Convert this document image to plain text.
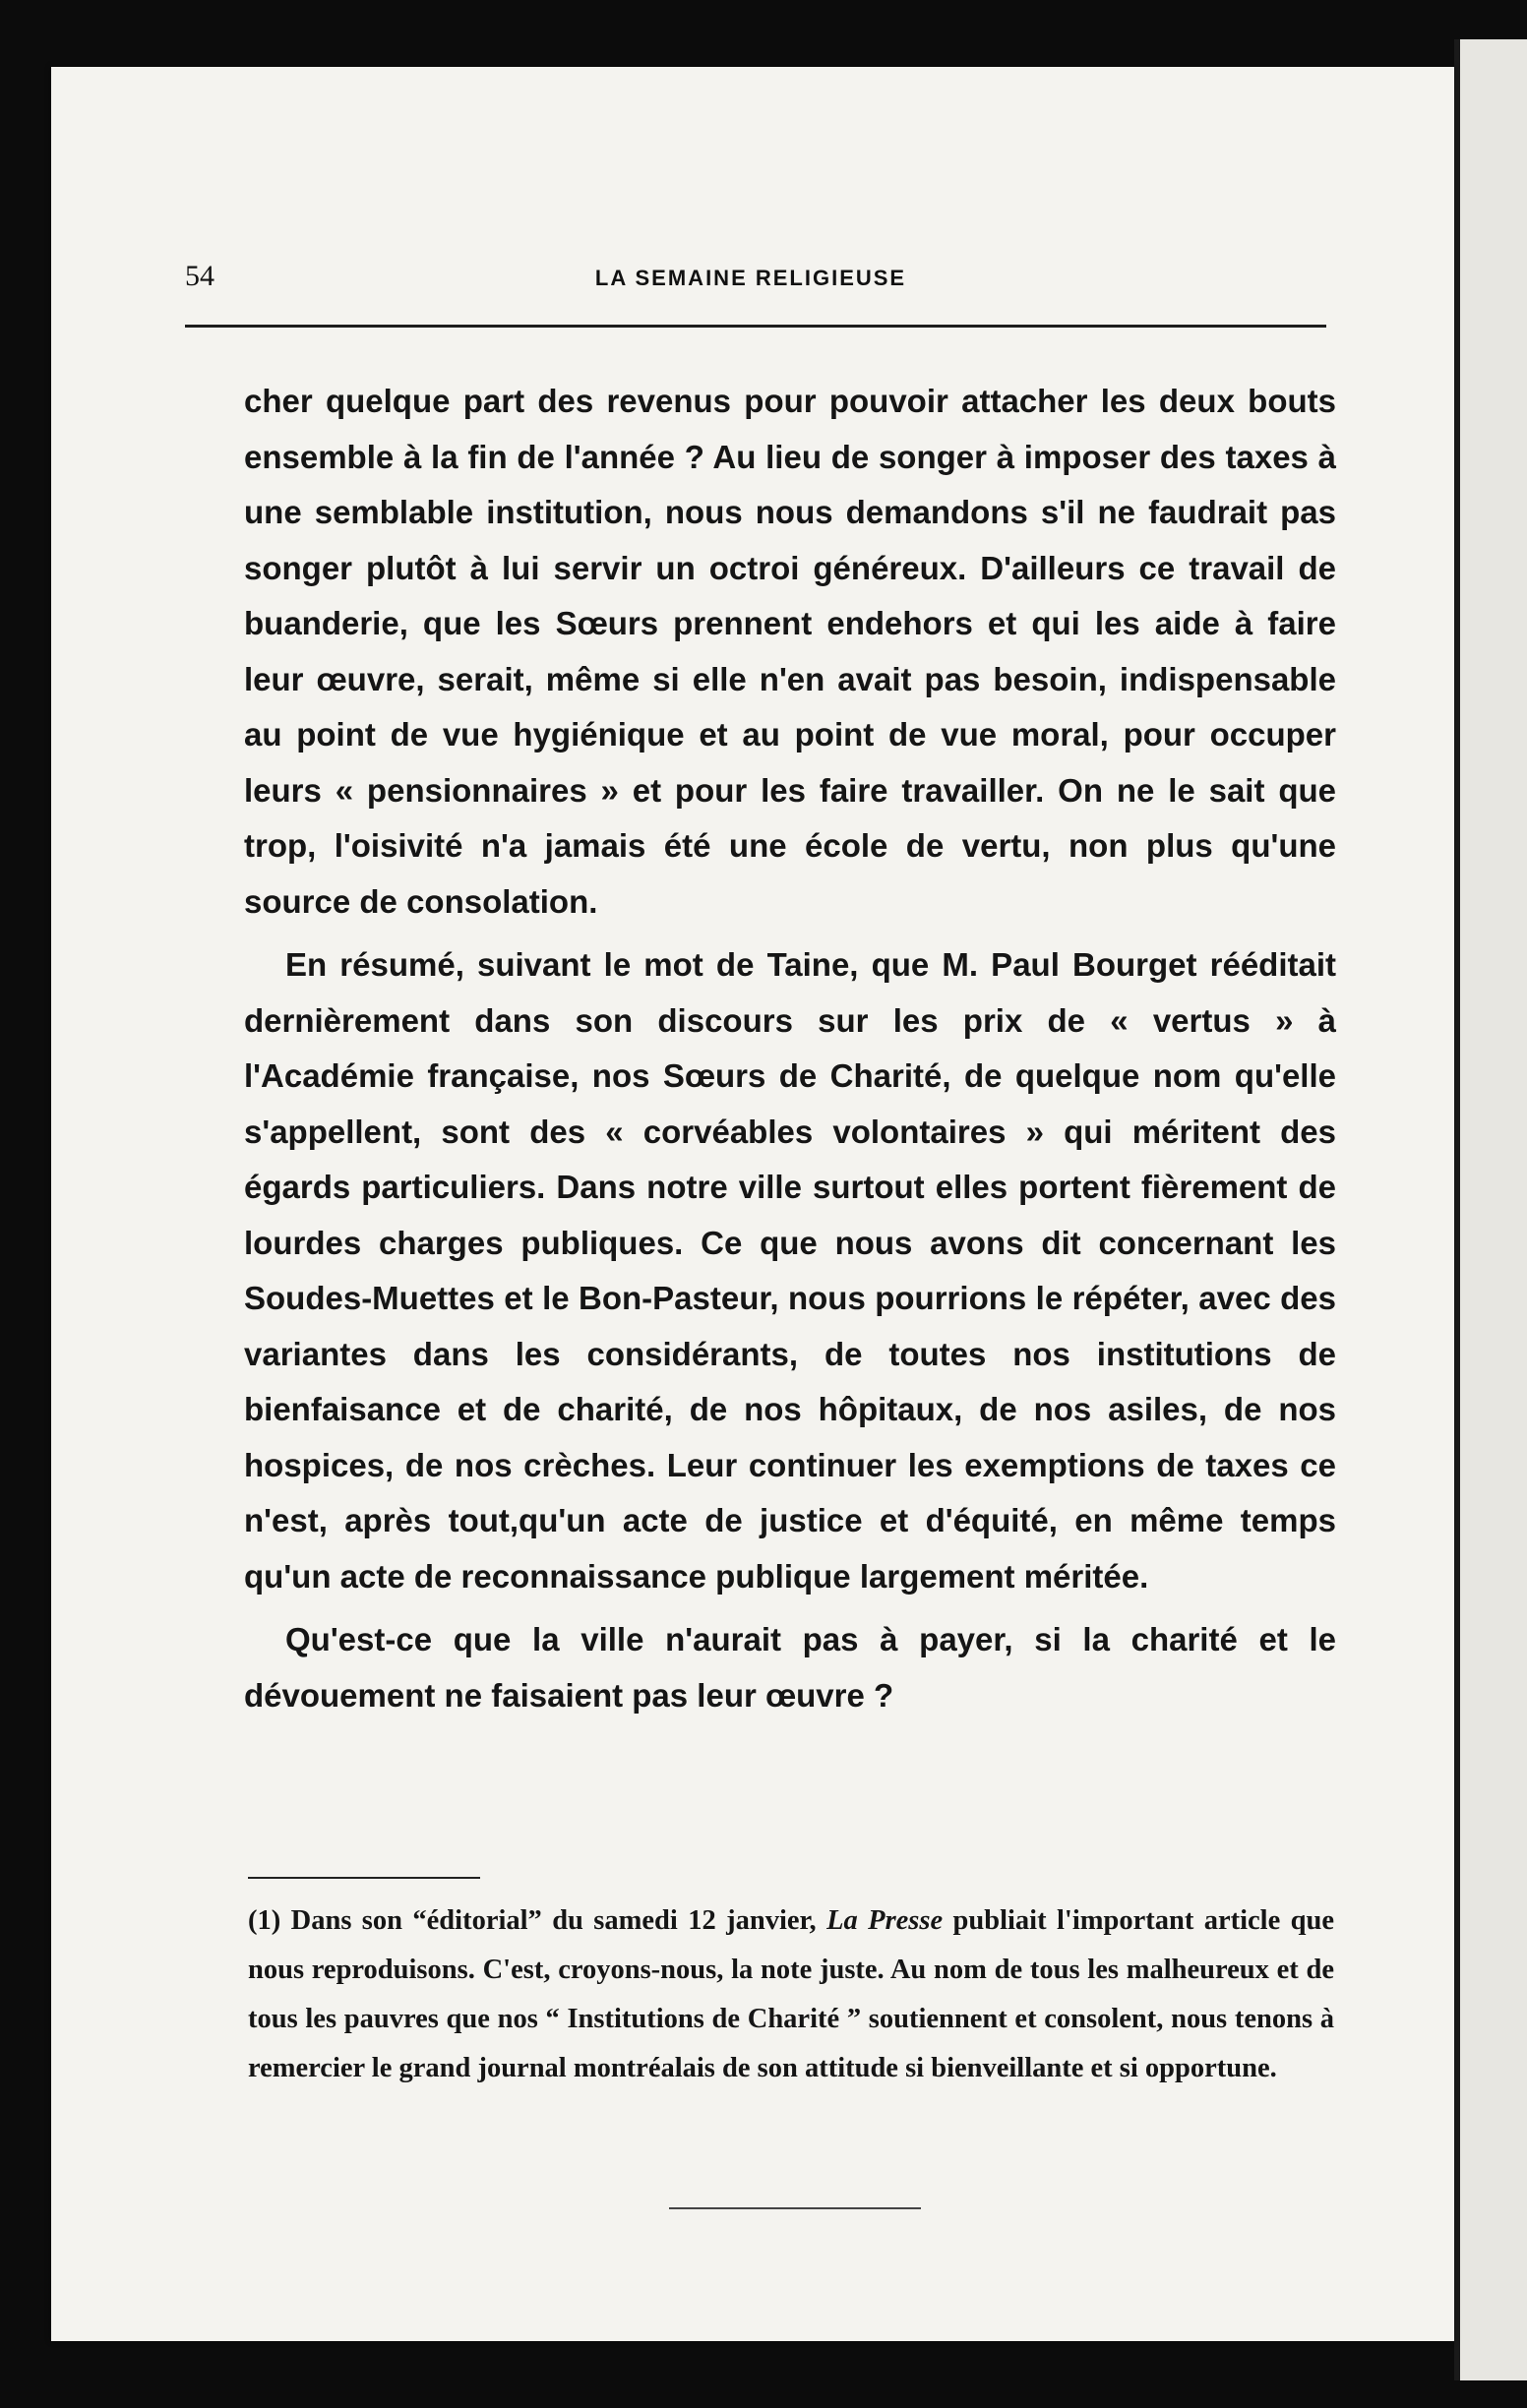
54	LA SEMAINE RELIGIEUSE

cher quelque part des revenus pour pouvoir attacher les deux bouts ensemble à la fin de l'année ? Au lieu de songer à imposer des taxes à une semblable institution, nous nous demandons s'il ne faudrait pas songer plutôt à lui servir un octroi généreux. D'ailleurs ce travail de buanderie, que les Sœurs prennent endehors et qui les aide à faire leur œuvre, serait, même si elle n'en avait pas besoin, indispensable au point de vue hygiénique et au point de vue moral, pour occuper leurs « pensionnaires » et pour les faire travailler. On ne le sait que trop, l'oisivité n'a jamais été une école de vertu, non plus qu'une source de consolation.

En résumé, suivant le mot de Taine, que M. Paul Bourget rééditait dernièrement dans son discours sur les prix de « vertus » à l'Académie française, nos Sœurs de Charité, de quelque nom qu'elle s'appellent, sont des « corvéables volontaires » qui méritent des égards particuliers. Dans notre ville surtout elles portent fièrement de lourdes charges publiques. Ce que nous avons dit concernant les Soudes-Muettes et le Bon-Pasteur, nous pourrions le répéter, avec des variantes dans les considérants, de toutes nos institutions de bienfaisance et de charité, de nos hôpitaux, de nos asiles, de nos hospices, de nos crèches. Leur continuer les exemptions de taxes ce n'est, après tout,qu'un acte de justice et d'équité, en même temps qu'un acte de reconnaissance publique largement méritée.

Qu'est-ce que la ville n'aurait pas à payer, si la charité et le dévouement ne faisaient pas leur œuvre ?

(1) Dans son “éditorial” du samedi 12 janvier, La Presse publiait l'important article que nous reproduisons. C'est, croyons-nous, la note juste. Au nom de tous les malheureux et de tous les pauvres que nos “ Institutions de Charité ” soutiennent et consolent, nous tenons à remercier le grand journal montréalais de son attitude si bienveillante et si opportune.
